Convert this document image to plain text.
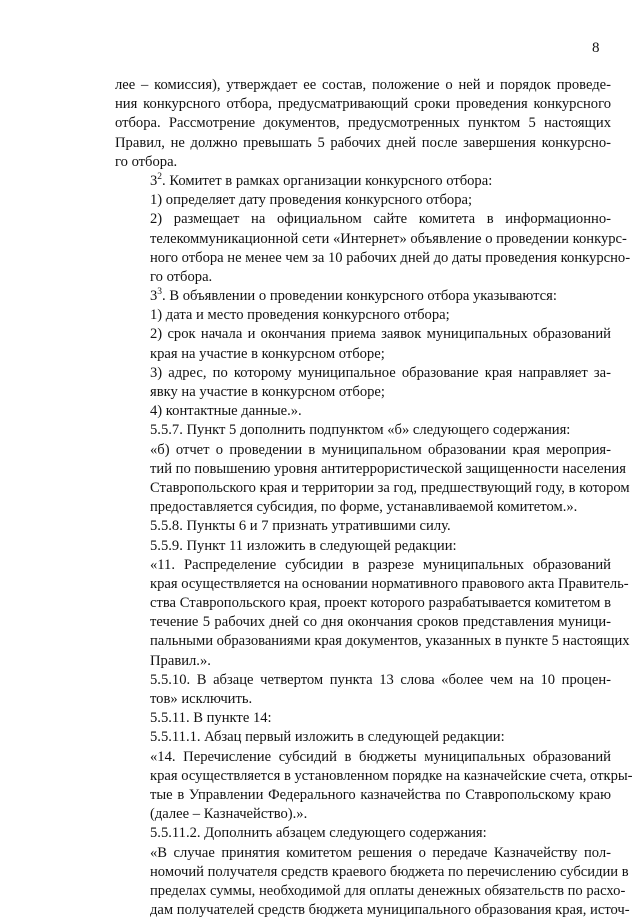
8

лее – комиссия), утверждает ее состав, положение о ней и порядок проведе-
ния конкурсного отбора, предусматривающий сроки проведения конкурсного
отбора. Рассмотрение документов, предусмотренных пунктом 5 настоящих
Правил, не должно превышать 5 рабочих дней после завершения конкурсно-
го отбора.

$3^2$. Комитет в рамках организации конкурсного отбора:

1) определяет дату проведения конкурсного отбора;

2) размещает на официальном сайте комитета в информационно-
телекоммуникационной сети «Интернет» объявление о проведении конкурс-
ного отбора не менее чем за 10 рабочих дней до даты проведения конкурсно-
го отбора.

$3^3$. В объявлении о проведении конкурсного отбора указываются:

1) дата и место проведения конкурсного отбора;

2) срок начала и окончания приема заявок муниципальных образований
края на участие в конкурсном отборе;

3) адрес, по которому муниципальное образование края направляет за-
явку на участие в конкурсном отборе;

4) контактные данные.».

5.5.7. Пункт 5 дополнить подпунктом «б» следующего содержания:

«б) отчет о проведении в муниципальном образовании края мероприя-
тий по повышению уровня антитеррористической защищенности населения
Ставропольского края и территории за год, предшествующий году, в котором
предоставляется субсидия, по форме, устанавливаемой комитетом.».

5.5.8. Пункты 6 и 7 признать утратившими силу.

5.5.9. Пункт 11 изложить в следующей редакции:

«11. Распределение субсидии в разрезе муниципальных образований
края осуществляется на основании нормативного правового акта Правитель-
ства Ставропольского края, проект которого разрабатывается комитетом в
течение 5 рабочих дней со дня окончания сроков представления муници-
пальными образованиями края документов, указанных в пункте 5 настоящих
Правил.».

5.5.10. В абзаце четвертом пункта 13 слова «более чем на 10 процен-
тов» исключить.

5.5.11. В пункте 14:

5.5.11.1. Абзац первый изложить в следующей редакции:

«14. Перечисление субсидий в бюджеты муниципальных образований
края осуществляется в установленном порядке на казначейские счета, откры-
тые в Управлении Федерального казначейства по Ставропольскому краю
(далее – Казначейство).».

5.5.11.2. Дополнить абзацем следующего содержания:

«В случае принятия комитетом решения о передаче Казначейству пол-
номочий получателя средств краевого бюджета по перечислению субсидии в
пределах суммы, необходимой для оплаты денежных обязательств по расхо-
дам получателей средств бюджета муниципального образования края, источ-
